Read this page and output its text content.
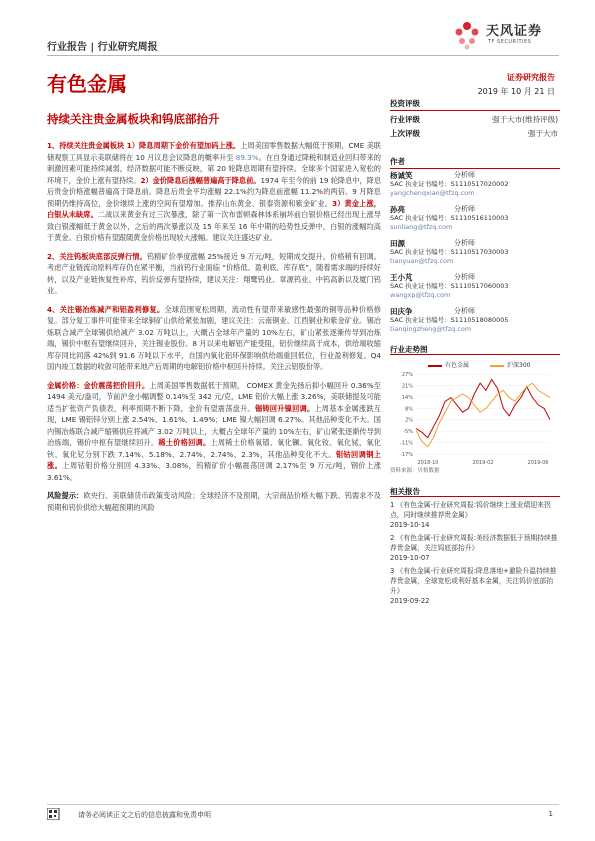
行业报告 | 行业研究周报
天风证券
TF SECURITIES
有色金属	证券研究报告
2019 年 10 月 21 日
持续关注贵金属板块和钨底部抬升

1、持续关注贵金属板块 1）降息周期下金价有望加码上涨。上周美国零售数据大幅低于预期，CME 美联储观察工具显示美联储将在 10 月议息会议降息的概率升至 89.3%。在自身通过降税和制造业回归带来的刺激因素可能持续减弱，经济数据可能不断反映，第 20 轮降息周期有望持续。全球多个国家进入宽松的环境下，金价上涨有望持续。2）金价降息后涨幅普遍高于降息前。1974 年至今的前 19 轮降息中，降息后贵金价格涨幅普遍高于降息前。降息后贵金平均涨幅 22.1%约为降息前涨幅 11.2%的两倍。9 月降息预期仍维持高位，金价继续上涨的空间有望增加。推荐山东黄金、银泰资源和紫金矿业。3）黄金上涨，白银从未缺席。二战以来黄金有过三次暴涨，除了第一次布雷顿森林体系崩坏前白银价格已经出现上涨导致白银涨幅低于黄金以外，之后的两次暴涨以及 15 年来至 16 年中期的趋势性反弹中，白银的涨幅均高于黄金。白银价格有望跟随黄金价格出现较大涨幅。建议关注盛达矿业。

2、关注钨板块底部反弹行情。钨精矿价季度涨幅 25%接近 9 万元/吨，短期成交提升，价格稍有回调。考虑产业链流动原料库存仍在紧平衡，当前钨行业面临 “价格低、盈利底、库存底”，随着需求端的持续好转，以及产业链恢复性补库，钨价反弹有望持续，建议关注：翔鹭钨业、章源钨业、中钨高新以及厦门钨业。

4、关注锡冶炼减产和铝盈利修复。全球范围宽松周期，流动性有望带来敏感性最强的铜等品种价格修复。部分复工事件可能带来全球铜矿山供给紧张加剧，建议关注：云南铜业、江西铜业和紫金矿业。锡冶炼联合减产全球锡供给减产 3.02 万吨以上，大概占全球年产量的 10%左右，矿山紧张逐渐传导到冶炼端，锡价中枢有望继续回升，关注锡业股份。8 月以来电解铝产能受阻，铝价继续高于成本，供给端收缩库存同比同落 42%到 91.6 万吨以下水平，自国内氧化铝环保影响供给端重回低位，行业盈利修复。Q4 国内竣工数据的收敛可能带来地产后周期的电解铝价格中枢回升持续。关注云铝股份等。

金属价格：金价震荡把价回升。上周美国零售数据低于预期， COMEX 黄金先扬后抑小幅回升 0.36%至 1494 美元/盎司，节前沪金小幅调整 0.14%至 342 元/克，LME 铝价大幅上涨 3.26%，美联储提及可能适当扩张资产负债表，利率预期不断下降，金价有望震荡盘升。锡铸回升镍回调。上周基本金属涨跌互现，LME 锡铝锌分别上涨 2.54%、1.61%、1.49%；LME 镍大幅回调 6.27%。其他品种变化不大。国内锡冶炼联合减产缩锡供应将减产 3.02 万吨以上，大概占全球年产量的 10%左右，矿山紧张逐渐传导到冶炼端，锡价中枢有望继续回升。稀土价格回调。上周稀土价格氧镨、氧化镧、氧化钕、氧化铽、氧化钬、氧化钇分别下跌 7.14%、5.18%、2.74%、2.74%、2.3%，其他品种变化不大。钼钴回调钢上涨。上周钴钼价格分别回 4.33%、3.08%，钨精矿价小幅震荡回调 2.17%至 9 万元/吨，钢价上涨 3.61%。

风险提示：欧央行、美联储货币政策变动风险；全球经济不及预期，大宗商品价格大幅下跌、钨需求不及预期和钨价供给大幅超预期的风险

投资评级
行业评级	强于大市(维持评级)
上次评级	强于大市
作者
杨诚笑	分析师
SAC 执业证书编号：S1110517020002
yangchenqxiao@tfzq.com
孙亮	分析师
SAC 执业证书编号：S1110516110003
sunliang@tfzq.com
田源	分析师
SAC 执业证书编号：S1110517030003
tianyuan@tfzq.com
王小芃	分析师
SAC 执业证书编号：S1110517060003
wangxp@tfzq.com
田庆争	分析师
SAC 执业证书编号：S1110518080005
tianqingzheng@tfzq.com
行业走势图
有色金属	沪深300
27%
21%
14%
8%
2%
-5%
-11%
-17%
2018-10	2019-02	2019-06
资料来源：贝格数据
相关报告
1 《有色金属-行业研究周报:钨价继续上涨业绩迎来拐点，同时继续推荐贵金属》
2019-10-14
2 《有色金属-行业研究周报:美经济数据低于预期持续推荐贵金属，关注钨底部抬升》
2019-10-07
3 《有色金属-行业研究周报:降息落地+避险升温持续推荐贵金属，全球宽松或利好基本金属，关注钨价底部抬升》
2019-09-22
请务必阅读正文之后的信息披露和免责申明	1
